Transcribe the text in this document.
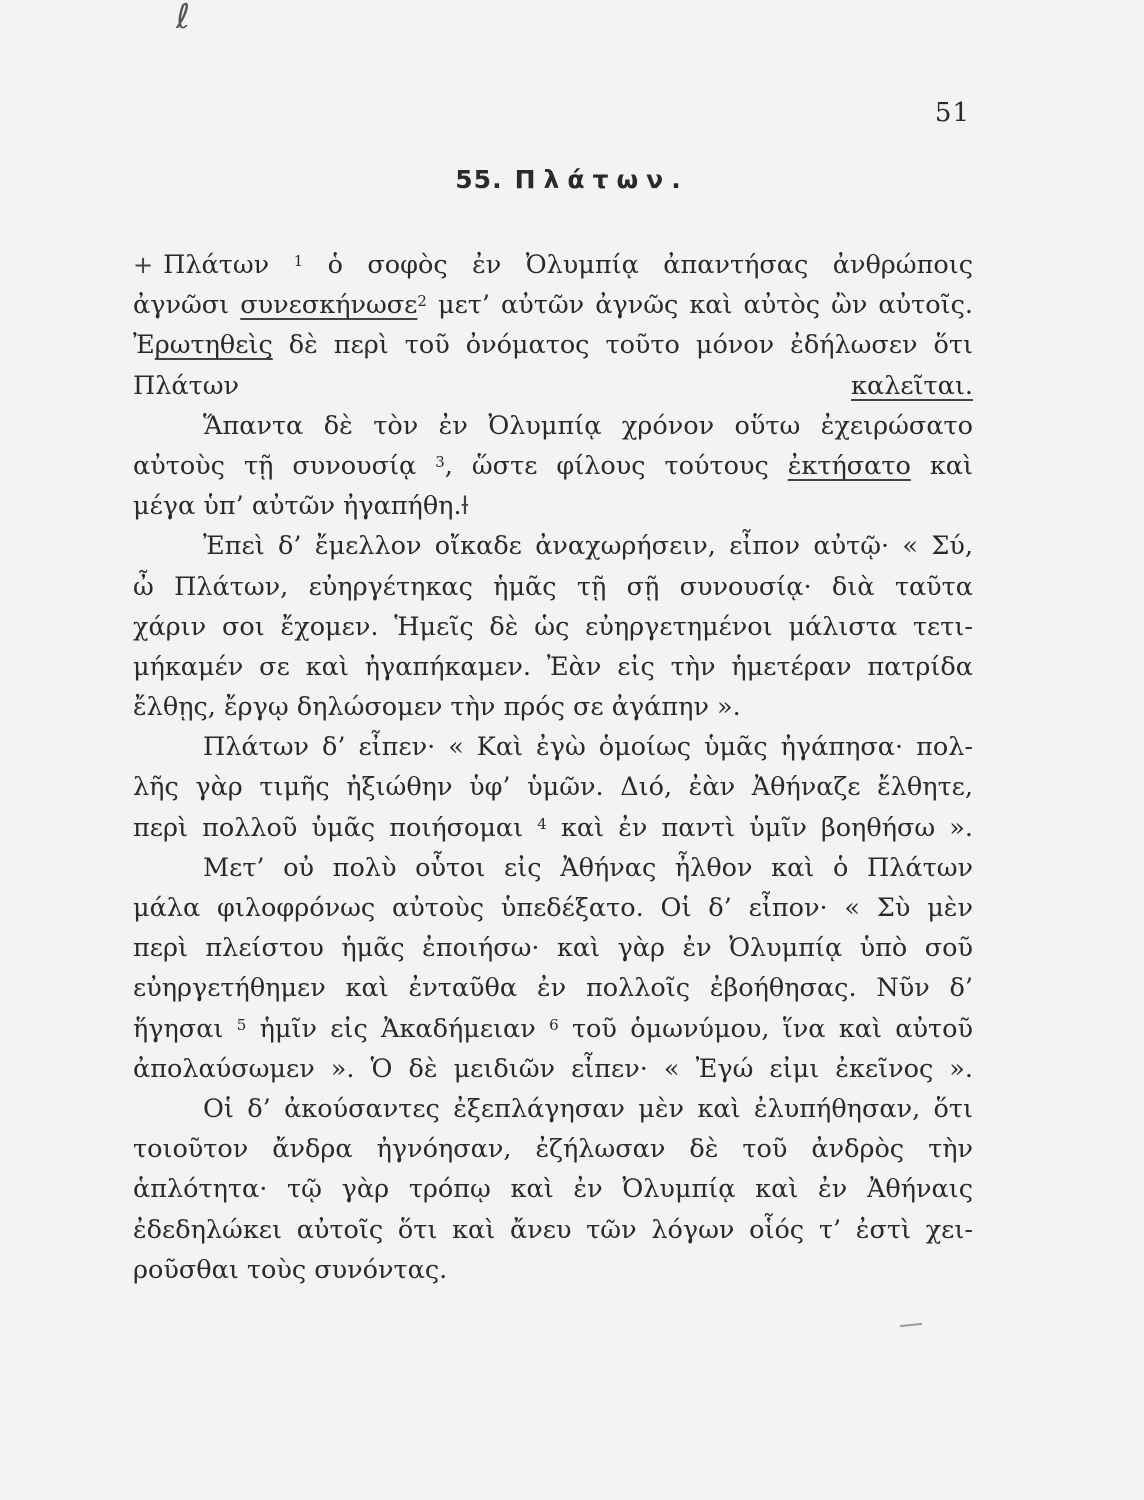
ℓ
51
55. Πλάτων.
+ Πλάτων $^1$ ὁ σοφὸς ἐν Ὀλυμπίᾳ ἀπαντήσας ἀνθρώποις
ἀγνῶσι συνεσκήνωσε$^2$ μετ’ αὐτῶν ἀγνῶς καὶ αὐτὸς ὢν αὐτοῖς.
Ἐρωτηθεὶς δὲ περὶ τοῦ ὀνόματος τοῦτο μόνον ἐδήλωσεν ὅτι
Πλάτων καλεῖται.
Ἅπαντα δὲ τὸν ἐν Ὀλυμπίᾳ χρόνον οὕτω ἐχειρώσατο
αὐτοὺς τῇ συνουσίᾳ $^3$, ὥστε φίλους τούτους ἐκτήσατο καὶ
μέγα ὑπ’ αὐτῶν ἠγαπήθη.ƚ
Ἐπεὶ δ’ ἔμελλον οἴκαδε ἀναχωρήσειν, εἶπον αὐτῷ· « Σύ,
ὦ Πλάτων, εὐηργέτηκας ἡμᾶς τῇ σῇ συνουσίᾳ· διὰ ταῦτα
χάριν σοι ἔχομεν. Ἡμεῖς δὲ ὡς εὐηργετημένοι μάλιστα τετι-
μήκαμέν σε καὶ ἠγαπήκαμεν. Ἐὰν εἰς τὴν ἡμετέραν πατρίδα
ἔλθῃς, ἔργῳ δηλώσομεν τὴν πρός σε ἀγάπην ».
Πλάτων δ’ εἶπεν· « Καὶ ἐγὼ ὁμοίως ὑμᾶς ἠγάπησα· πολ-
λῆς γὰρ τιμῆς ἠξιώθην ὑφ’ ὑμῶν. Διό, ἐὰν Ἀθήναζε ἔλθητε,
περὶ πολλοῦ ὑμᾶς ποιήσομαι $^4$ καὶ ἐν παντὶ ὑμῖν βοηθήσω ».
Μετ’ οὐ πολὺ οὗτοι εἰς Ἀθήνας ἦλθον καὶ ὁ Πλάτων
μάλα φιλοφρόνως αὐτοὺς ὑπεδέξατο. Οἱ δ’ εἶπον· « Σὺ μὲν
περὶ πλείστου ἡμᾶς ἐποιήσω· καὶ γὰρ ἐν Ὀλυμπίᾳ ὑπὸ σοῦ
εὐηργετήθημεν καὶ ἐνταῦθα ἐν πολλοῖς ἐβοήθησας. Νῦν δ’
ἥγησαι $^5$ ἡμῖν εἰς Ἀκαδήμειαν $^6$ τοῦ ὁμωνύμου, ἵνα καὶ αὐτοῦ
ἀπολαύσωμεν ». Ὁ δὲ μειδιῶν εἶπεν· « Ἐγώ εἰμι ἐκεῖνος ».
Οἱ δ’ ἀκούσαντες ἐξεπλάγησαν μὲν καὶ ἐλυπήθησαν, ὅτι
τοιοῦτον ἄνδρα ἠγνόησαν, ἐζήλωσαν δὲ τοῦ ἀνδρὸς τὴν
ἁπλότητα· τῷ γὰρ τρόπῳ καὶ ἐν Ὀλυμπίᾳ καὶ ἐν Ἀθήναις
ἐδεδηλώκει αὐτοῖς ὅτι καὶ ἄνευ τῶν λόγων οἷός τ’ ἐστὶ χει-
ροῦσθαι τοὺς συνόντας.
